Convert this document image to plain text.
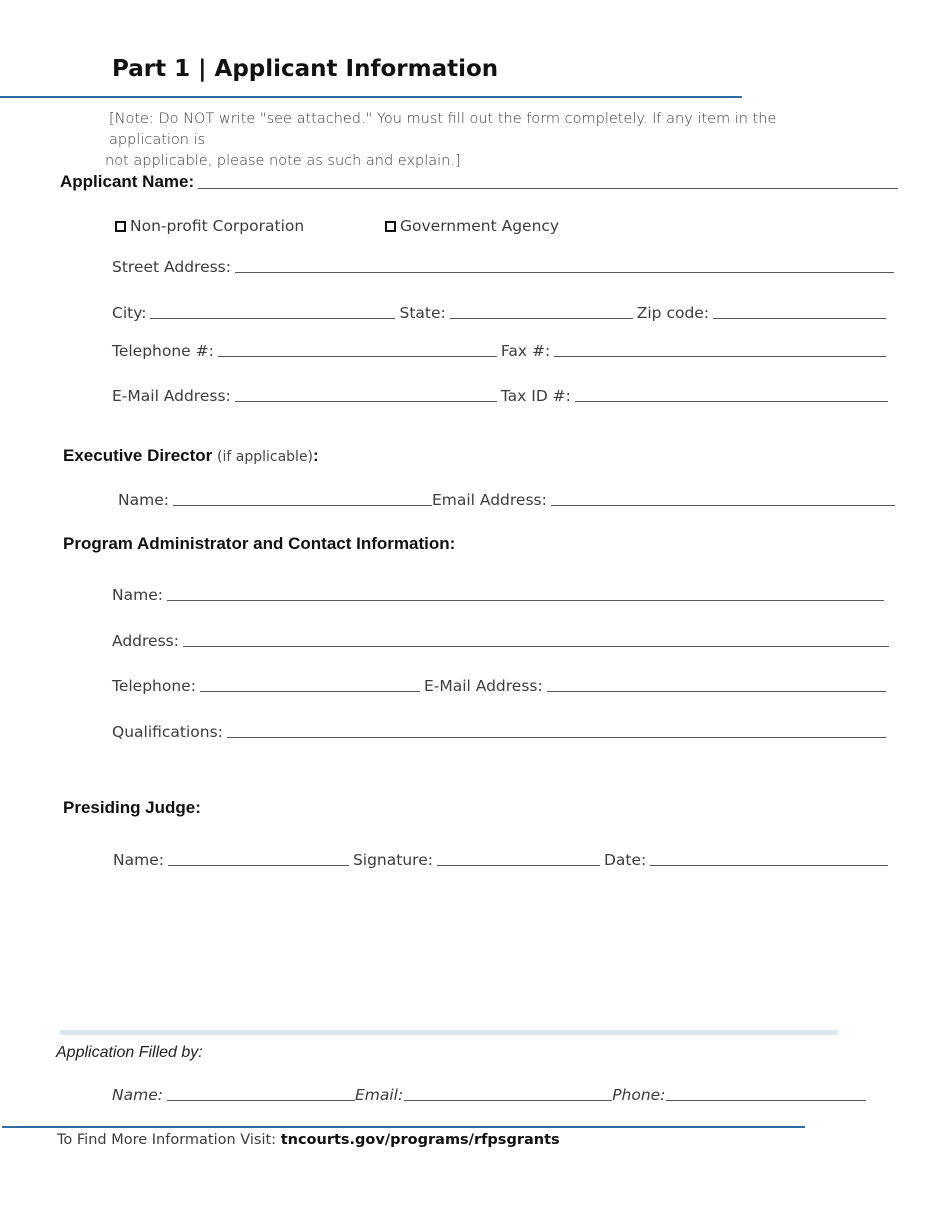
Part 1 | Applicant Information
[Note: Do NOT write "see attached." You must fill out the form completely. If any item in the application is
not applicable, please note as such and explain.]
Applicant Name:
Non-profit Corporation	Government Agency
Street Address:
City:	State:	Zip code:
Telephone #:	Fax #:
E-Mail Address:	Tax ID #:
Executive Director (if applicable):
Name:	Email Address:
Program Administrator and Contact Information:
Name:
Address:
Telephone:	E-Mail Address:
Qualifications:
Presiding Judge:
Name:	Signature:	Date:
Application Filled by:
Name:	Email:	Phone:
To Find More Information Visit: tncourts.gov/programs/rfpsgrants
